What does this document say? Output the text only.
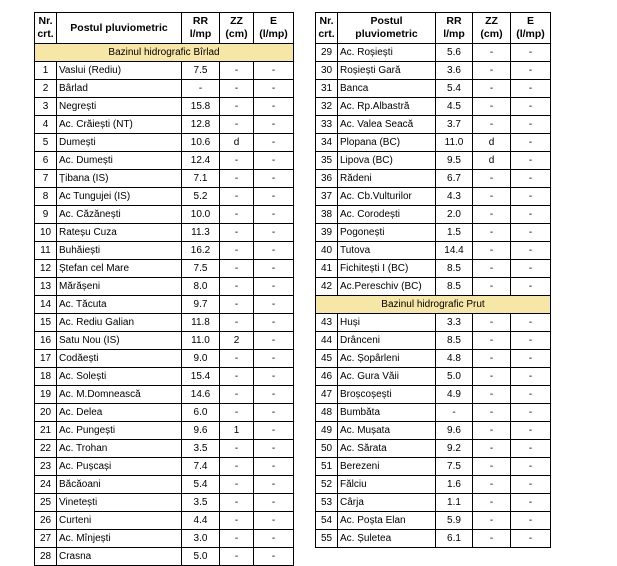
Nr. crt.	Postul pluviometric	RR l/mp	ZZ (cm)	E (l/mp)
Bazinul hidrografic Bîrlad				
1	Vaslui (Rediu)	7.5	-	-
2	Bârlad	-	-	-
3	Negrești	15.8	-	-
4	Ac. Crăiești (NT)	12.8	-	-
5	Dumești	10.6	d	-
6	Ac. Dumești	12.4	-	-
7	Țibana (IS)	7.1	-	-
8	Ac Tungujei (IS)	5.2	-	-
9	Ac. Căzănești	10.0	-	-
10	Rateșu Cuza	11.3	-	-
11	Buhăiești	16.2	-	-
12	Ștefan cel Mare	7.5	-	-
13	Mărășeni	8.0	-	-
14	Ac. Tăcuta	9.7	-	-
15	Ac. Rediu Galian	11.8	-	-
16	Satu Nou (IS)	11.0	2	-
17	Codăești	9.0	-	-
18	Ac. Solești	15.4	-	-
19	Ac. M.Domnească	14.6	-	-
20	Ac. Delea	6.0	-	-
21	Ac. Pungești	9.6	1	-
22	Ac. Trohan	3.5	-	-
23	Ac. Pușcași	7.4	-	-
24	Băcăoani	5.4	-	-
25	Vinetești	3.5	-	-
26	Curteni	4.4	-	-
27	Ac. Mînjești	3.0	-	-
28	Crasna	5.0	-	-
Nr. crt.	Postul pluviometric	RR l/mp	ZZ (cm)	E (l/mp)
29	Ac. Roșiești	5.6	-	-
30	Roșiești Gară	3.6	-	-
31	Banca	5.4	-	-
32	Ac. Rp.Albastră	4.5	-	-
33	Ac. Valea Seacă	3.7	-	-
34	Plopana (BC)	11.0	d	-
35	Lipova (BC)	9.5	d	-
36	Rădeni	6.7	-	-
37	Ac. Cb.Vulturilor	4.3	-	-
38	Ac. Corodești	2.0	-	-
39	Pogonești	1.5	-	-
40	Tutova	14.4	-	-
41	Fichitești I (BC)	8.5	-	-
42	Ac.Pereschiv (BC)	8.5	-	-
Bazinul hidrografic Prut				
43	Huși	3.3	-	-
44	Drânceni	8.5	-	-
45	Ac. Șopârleni	4.8	-	-
46	Ac. Gura Văii	5.0	-	-
47	Broșcoșești	4.9	-	-
48	Bumbăta	-	-	-
49	Ac. Mușata	9.6	-	-
50	Ac. Sărata	9.2	-	-
51	Berezeni	7.5	-	-
52	Fălciu	1.6	-	-
53	Cârja	1.1	-	-
54	Ac. Poșta Elan	5.9	-	-
55	Ac. Șuletea	6.1	-	-
